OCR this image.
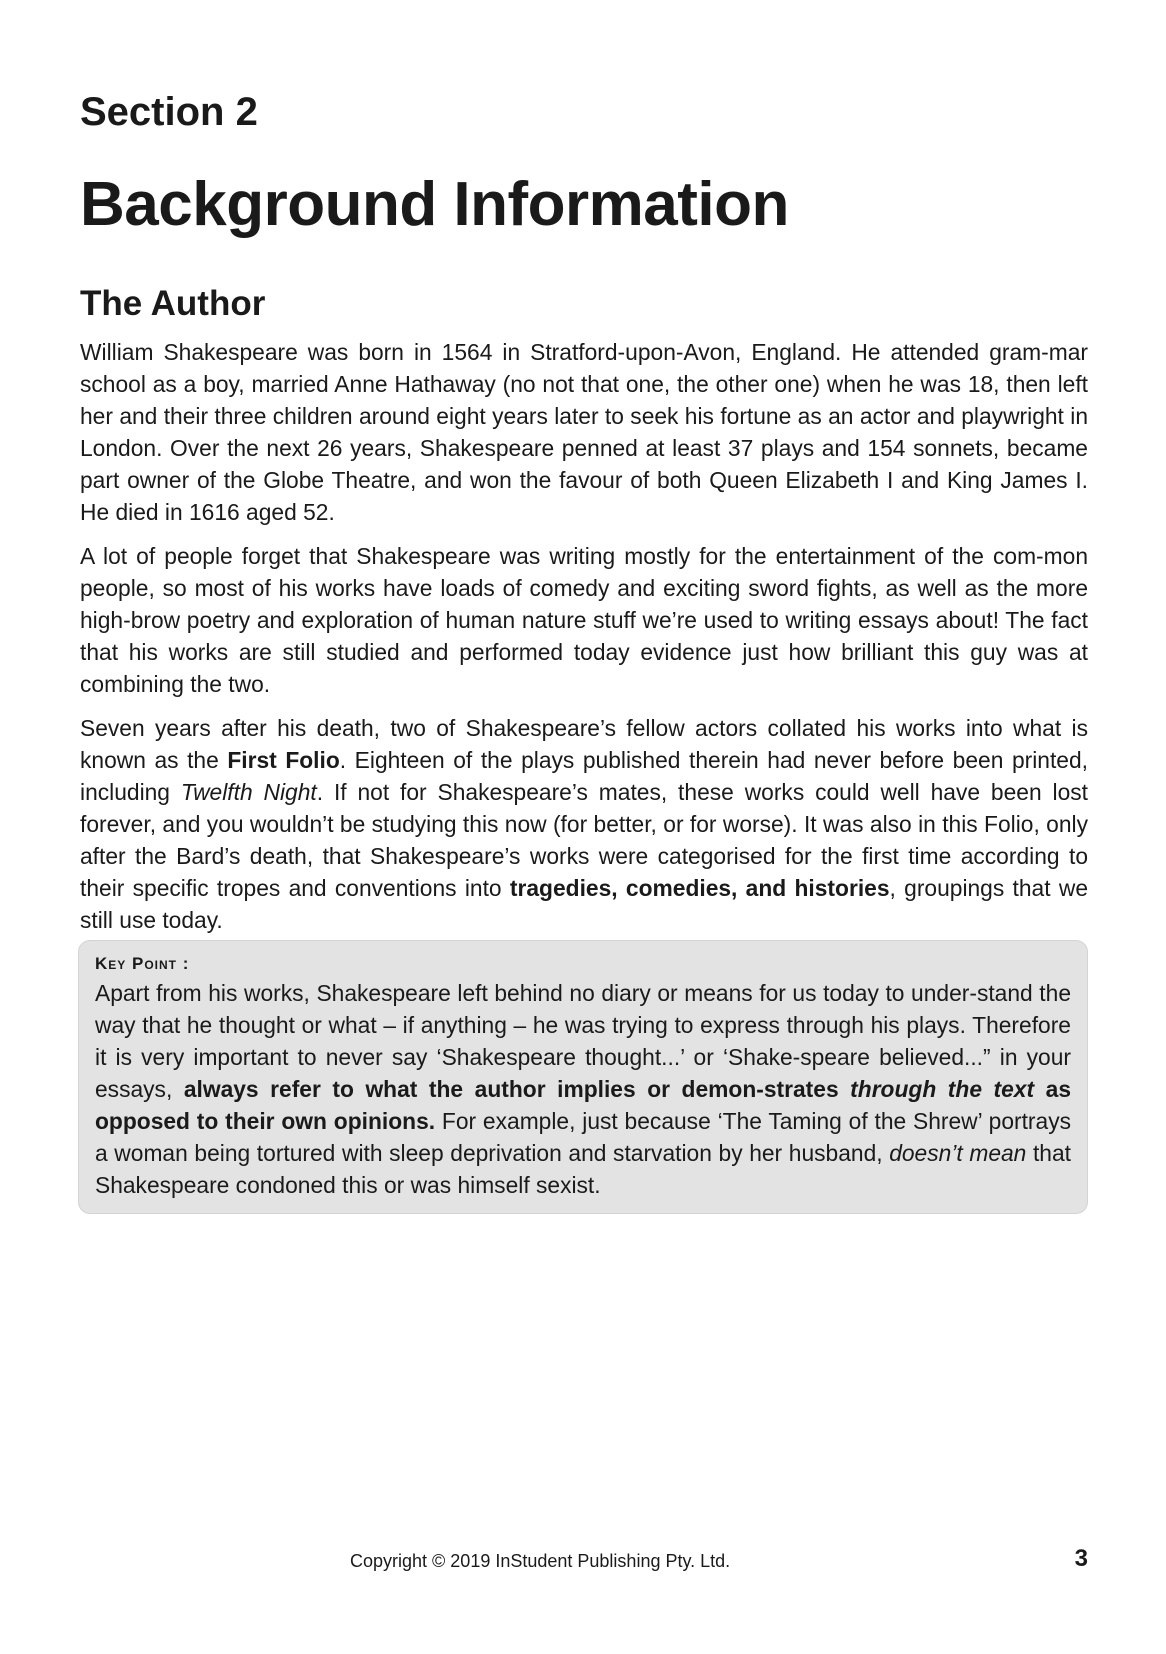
Section 2
Background Information
The Author

William Shakespeare was born in 1564 in Stratford-upon-Avon, England. He attended gram-mar school as a boy, married Anne Hathaway (no not that one, the other one) when he was 18, then left her and their three children around eight years later to seek his fortune as an actor and playwright in London. Over the next 26 years, Shakespeare penned at least 37 plays and 154 sonnets, became part owner of the Globe Theatre, and won the favour of both Queen Elizabeth I and King James I. He died in 1616 aged 52.

A lot of people forget that Shakespeare was writing mostly for the entertainment of the com-mon people, so most of his works have loads of comedy and exciting sword fights, as well as the more high-brow poetry and exploration of human nature stuff we’re used to writing essays about! The fact that his works are still studied and performed today evidence just how brilliant this guy was at combining the two.

Seven years after his death, two of Shakespeare’s fellow actors collated his works into what is known as the First Folio. Eighteen of the plays published therein had never before been printed, including Twelfth Night. If not for Shakespeare’s mates, these works could well have been lost forever, and you wouldn’t be studying this now (for better, or for worse). It was also in this Folio, only after the Bard’s death, that Shakespeare’s works were categorised for the first time according to their specific tropes and conventions into tragedies, comedies, and histories, groupings that we still use today.

Key Point :

Apart from his works, Shakespeare left behind no diary or means for us today to under-stand the way that he thought or what – if anything – he was trying to express through his plays. Therefore it is very important to never say ‘Shakespeare thought...’ or ‘Shake-speare believed...” in your essays, always refer to what the author implies or demon-strates through the text as opposed to their own opinions. For example, just because ‘The Taming of the Shrew’ portrays a woman being tortured with sleep deprivation and starvation by her husband, doesn’t mean that Shakespeare condoned this or was himself sexist.

Copyright © 2019 InStudent Publishing Pty. Ltd.	3
